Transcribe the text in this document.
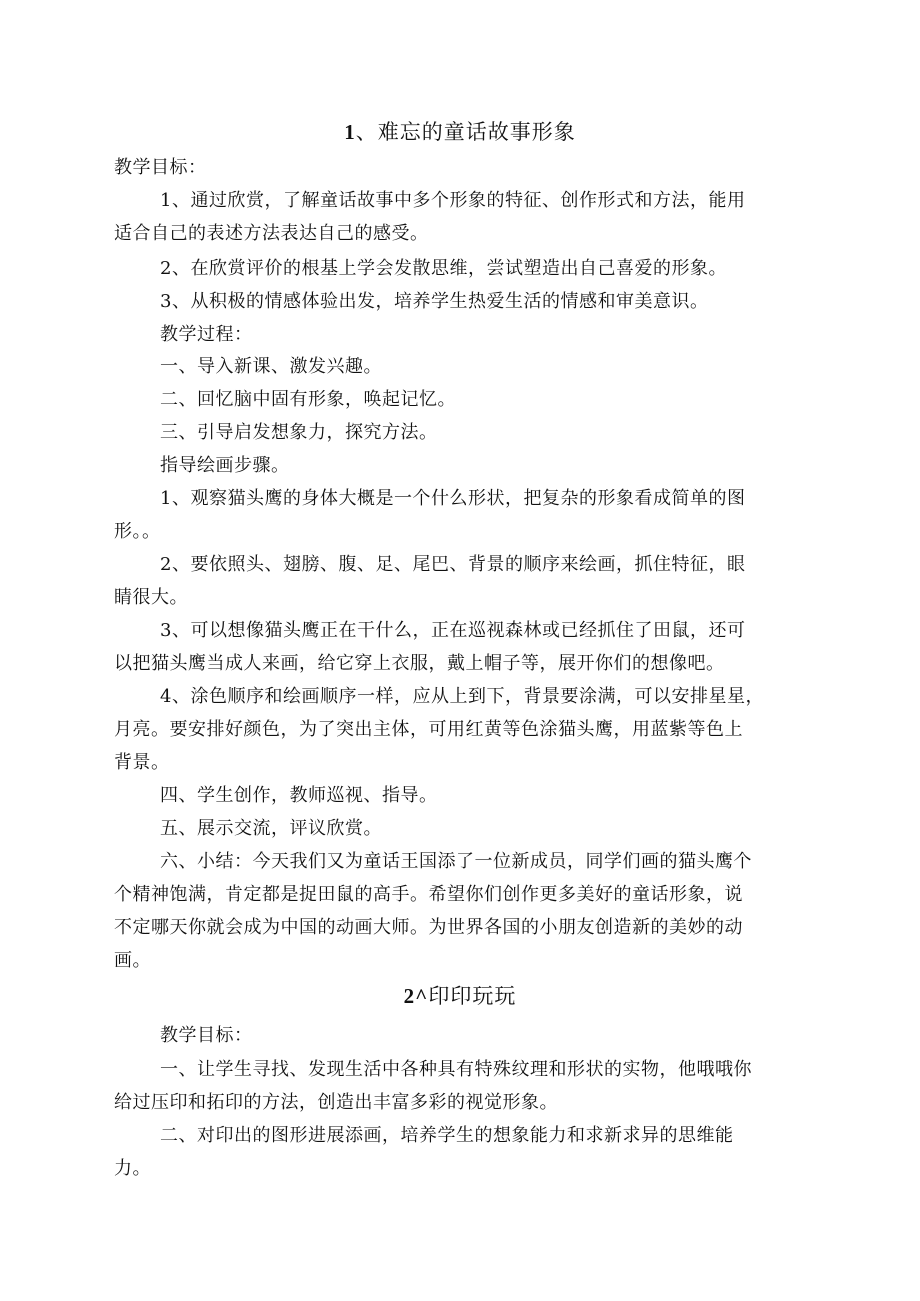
1、难忘的童话故事形象
教学目标：
1、通过欣赏，了解童话故事中多个形象的特征、创作形式和方法，能用
适合自己的表述方法表达自己的感受。
2、在欣赏评价的根基上学会发散思维，尝试塑造出自己喜爱的形象。
3、从积极的情感体验出发，培养学生热爱生活的情感和审美意识。
教学过程：
一、导入新课、激发兴趣。
二、回忆脑中固有形象，唤起记忆。
三、引导启发想象力，探究方法。
指导绘画步骤。
1、观察猫头鹰的身体大概是一个什么形状，把复杂的形象看成简单的图
形。。
2、要依照头、翅膀、腹、足、尾巴、背景的顺序来绘画，抓住特征，眼
睛很大。
3、可以想像猫头鹰正在干什么，正在巡视森林或已经抓住了田鼠，还可
以把猫头鹰当成人来画，给它穿上衣服，戴上帽子等，展开你们的想像吧。
4、涂色顺序和绘画顺序一样，应从上到下，背景要涂满，可以安排星星，
月亮。要安排好颜色，为了突出主体，可用红黄等色涂猫头鹰，用蓝紫等色上
背景。
四、学生创作，教师巡视、指导。
五、展示交流，评议欣赏。
六、小结：今天我们又为童话王国添了一位新成员，同学们画的猫头鹰个
个精神饱满，肯定都是捉田鼠的高手。希望你们创作更多美好的童话形象，说
不定哪天你就会成为中国的动画大师。为世界各国的小朋友创造新的美妙的动
画。
2^印印玩玩
教学目标：
一、让学生寻找、发现生活中各种具有特殊纹理和形状的实物，他哦哦你
给过压印和拓印的方法，创造出丰富多彩的视觉形象。
二、对印出的图形进展添画，培养学生的想象能力和求新求异的思维能
力。
